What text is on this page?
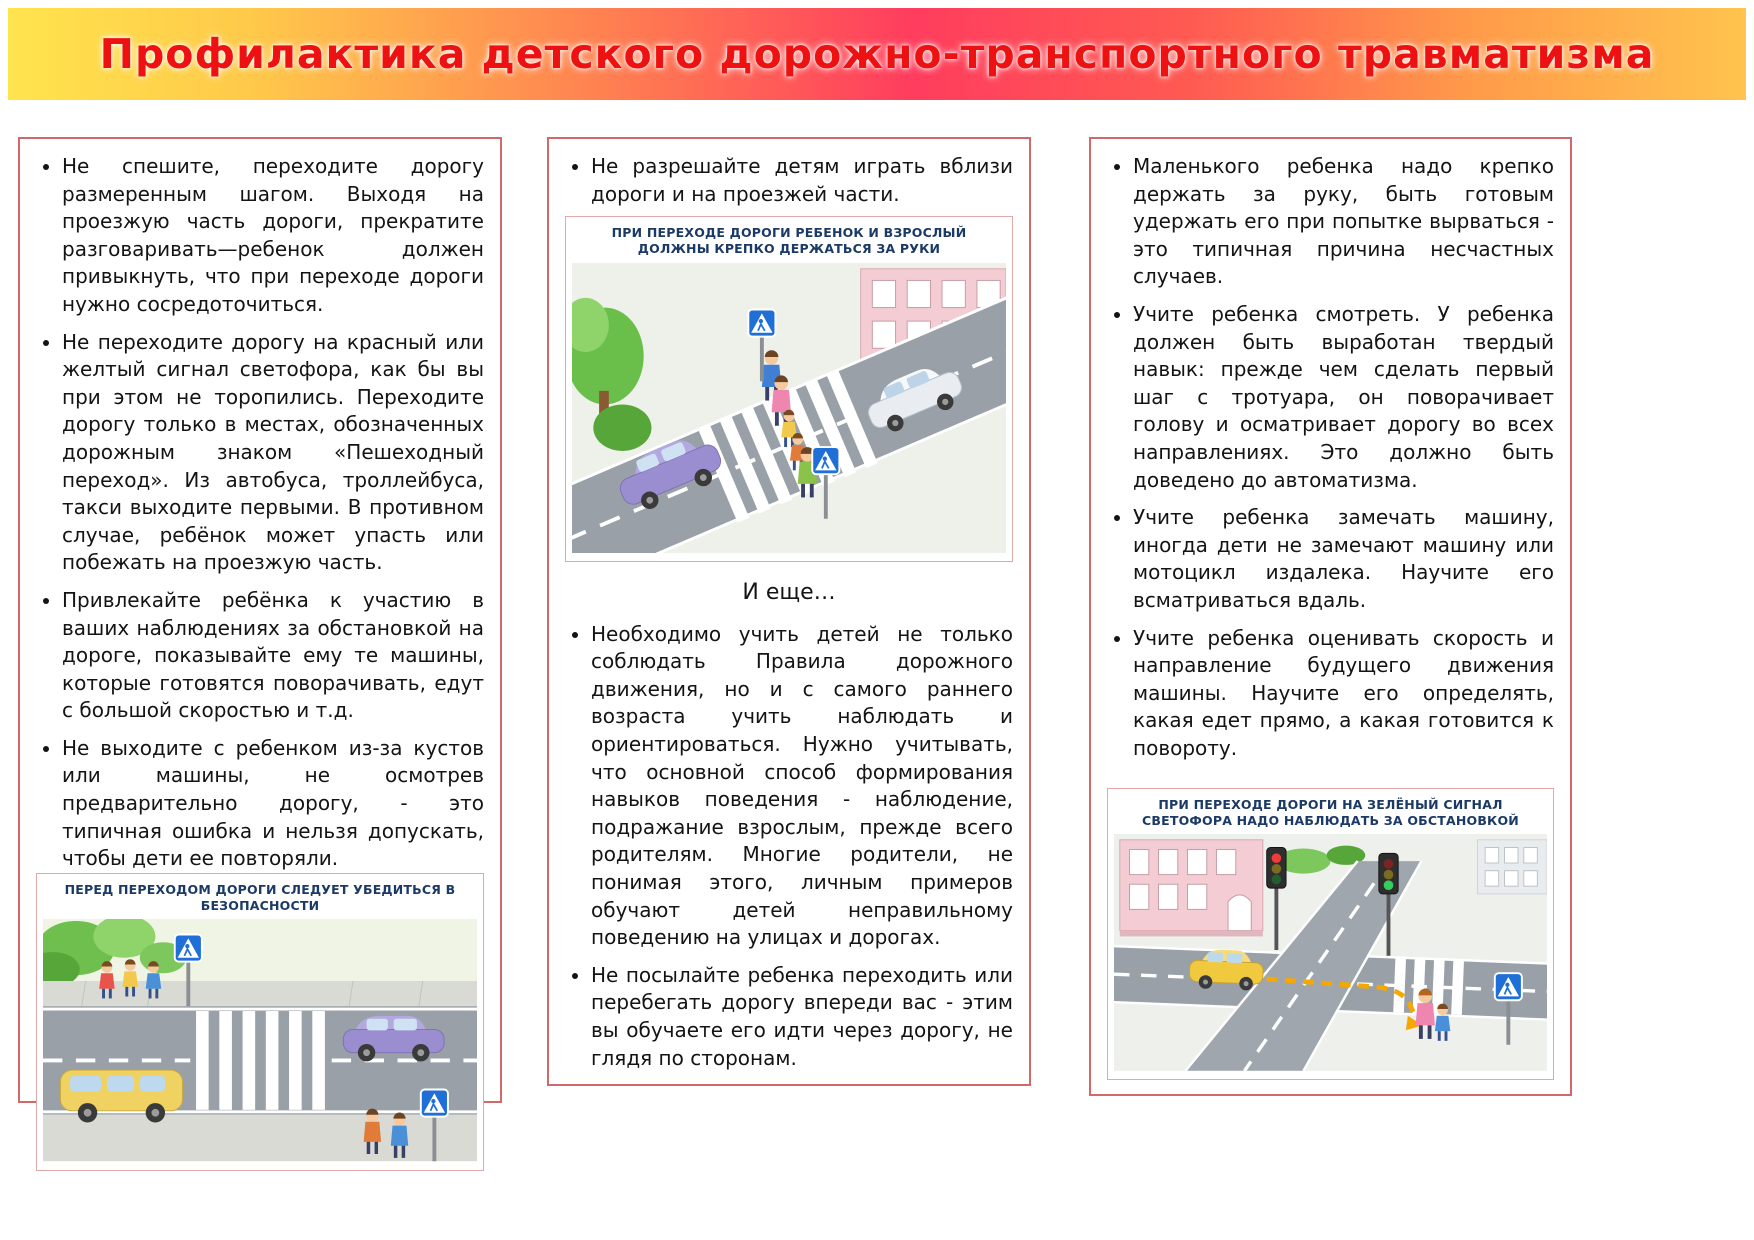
Профилактика детского дорожно-транспортного травматизма
• Не спешите, переходите дорогу размеренным шагом. Выходя на проезжую часть дороги, прекратите разговаривать—ребенок должен привыкнуть, что при переходе дороги нужно сосредоточиться.
• Не переходите дорогу на красный или желтый сигнал светофора, как бы вы при этом не торопились. Переходите дорогу только в местах, обозначенных дорожным знаком «Пешеходный переход». Из автобуса, троллейбуса, такси выходите первыми. В противном случае, ребёнок может упасть или побежать на проезжую часть.
• Привлекайте ребёнка к участию в ваших наблюдениях за обстановкой на дороге, показывайте ему те машины, которые готовятся поворачивать, едут с большой скоростью и т.д.
• Не выходите с ребенком из-за кустов или машины, не осмотрев предварительно дорогу, - это типичная ошибка и нельзя допускать, чтобы дети ее повторяли.
ПЕРЕД ПЕРЕХОДОМ ДОРОГИ СЛЕДУЕТ УБЕДИТЬСЯ В БЕЗОПАСНОСТИ
• Не разрешайте детям играть вблизи дороги и на проезжей части.
ПРИ ПЕРЕХОДЕ ДОРОГИ РЕБЕНОК И ВЗРОСЛЫЙ ДОЛЖНЫ КРЕПКО ДЕРЖАТЬСЯ ЗА РУКИ
И еще…
• Необходимо учить детей не только соблюдать Правила дорожного движения, но и с самого раннего возраста учить наблюдать и ориентироваться. Нужно учитывать, что основной способ формирования навыков поведения - наблюдение, подражание взрослым, прежде всего родителям. Многие родители, не понимая этого, личным примеров обучают детей неправильному поведению на улицах и дорогах.
• Не посылайте ребенка переходить или перебегать дорогу впереди вас - этим вы обучаете его идти через дорогу, не глядя по сторонам.
• Маленького ребенка надо крепко держать за руку, быть готовым удержать его при попытке вырваться - это типичная причина несчастных случаев.
• Учите ребенка смотреть. У ребенка должен быть выработан твердый навык: прежде чем сделать первый шаг с тротуара, он поворачивает голову и осматривает дорогу во всех направлениях. Это должно быть доведено до автоматизма.
• Учите ребенка замечать машину, иногда дети не замечают машину или мотоцикл издалека. Научите его всматриваться вдаль.
• Учите ребенка оценивать скорость и направление будущего движения машины. Научите его определять, какая едет прямо, а какая готовится к повороту.
ПРИ ПЕРЕХОДЕ ДОРОГИ НА ЗЕЛЁНЫЙ СИГНАЛ СВЕТОФОРА НАДО НАБЛЮДАТЬ ЗА ОБСТАНОВКОЙ
